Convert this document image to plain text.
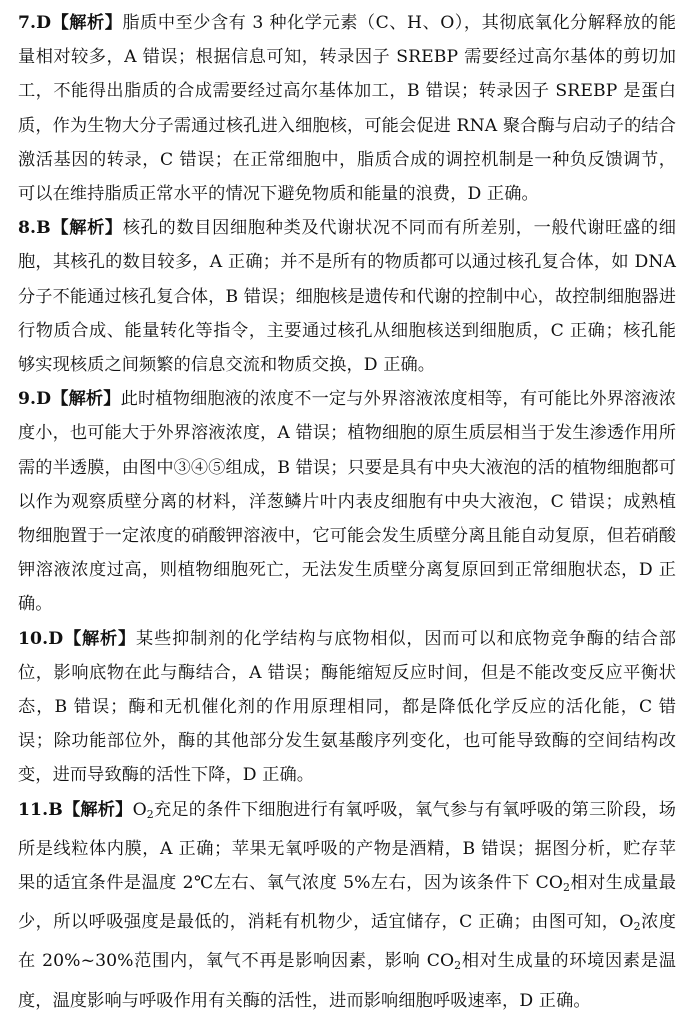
7.D【解析】脂质中至少含有 3 种化学元素（C、H、O），其彻底氧化分解释放的能量相对较多，A 错误；根据信息可知，转录因子 SREBP 需要经过高尔基体的剪切加工，不能得出脂质的合成需要经过高尔基体加工，B 错误；转录因子 SREBP 是蛋白质，作为生物大分子需通过核孔进入细胞核，可能会促进 RNA 聚合酶与启动子的结合激活基因的转录，C 错误；在正常细胞中，脂质合成的调控机制是一种负反馈调节，可以在维持脂质正常水平的情况下避免物质和能量的浪费，D 正确。

8.B【解析】核孔的数目因细胞种类及代谢状况不同而有所差别，一般代谢旺盛的细胞，其核孔的数目较多，A 正确；并不是所有的物质都可以通过核孔复合体，如 DNA 分子不能通过核孔复合体，B 错误；细胞核是遗传和代谢的控制中心，故控制细胞器进行物质合成、能量转化等指令，主要通过核孔从细胞核送到细胞质，C 正确；核孔能够实现核质之间频繁的信息交流和物质交换，D 正确。

9.D【解析】此时植物细胞液的浓度不一定与外界溶液浓度相等，有可能比外界溶液浓度小，也可能大于外界溶液浓度，A 错误；植物细胞的原生质层相当于发生渗透作用所需的半透膜，由图中③④⑤组成，B 错误；只要是具有中央大液泡的活的植物细胞都可以作为观察质壁分离的材料，洋葱鳞片叶内表皮细胞有中央大液泡，C 错误；成熟植物细胞置于一定浓度的硝酸钾溶液中，它可能会发生质壁分离且能自动复原，但若硝酸钾溶液浓度过高，则植物细胞死亡，无法发生质壁分离复原回到正常细胞状态，D 正确。

10.D【解析】某些抑制剂的化学结构与底物相似，因而可以和底物竞争酶的结合部位，影响底物在此与酶结合，A 错误；酶能缩短反应时间，但是不能改变反应平衡状态，B 错误；酶和无机催化剂的作用原理相同，都是降低化学反应的活化能，C 错误；除功能部位外，酶的其他部分发生氨基酸序列变化，也可能导致酶的空间结构改变，进而导致酶的活性下降，D 正确。

11.B【解析】$O_2$充足的条件下细胞进行有氧呼吸，氧气参与有氧呼吸的第三阶段，场所是线粒体内膜，A 正确；苹果无氧呼吸的产物是酒精，B 错误；据图分析，贮存苹果的适宜条件是温度 2℃左右、氧气浓度 5%左右，因为该条件下 $CO_2$相对生成量最少，所以呼吸强度是最低的，消耗有机物少，适宜储存，C 正确；由图可知，$O_2$浓度在 20%~30%范围内，氧气不再是影响因素，影响 $CO_2$相对生成量的环境因素是温度，温度影响与呼吸作用有关酶的活性，进而影响细胞呼吸速率，D 正确。
